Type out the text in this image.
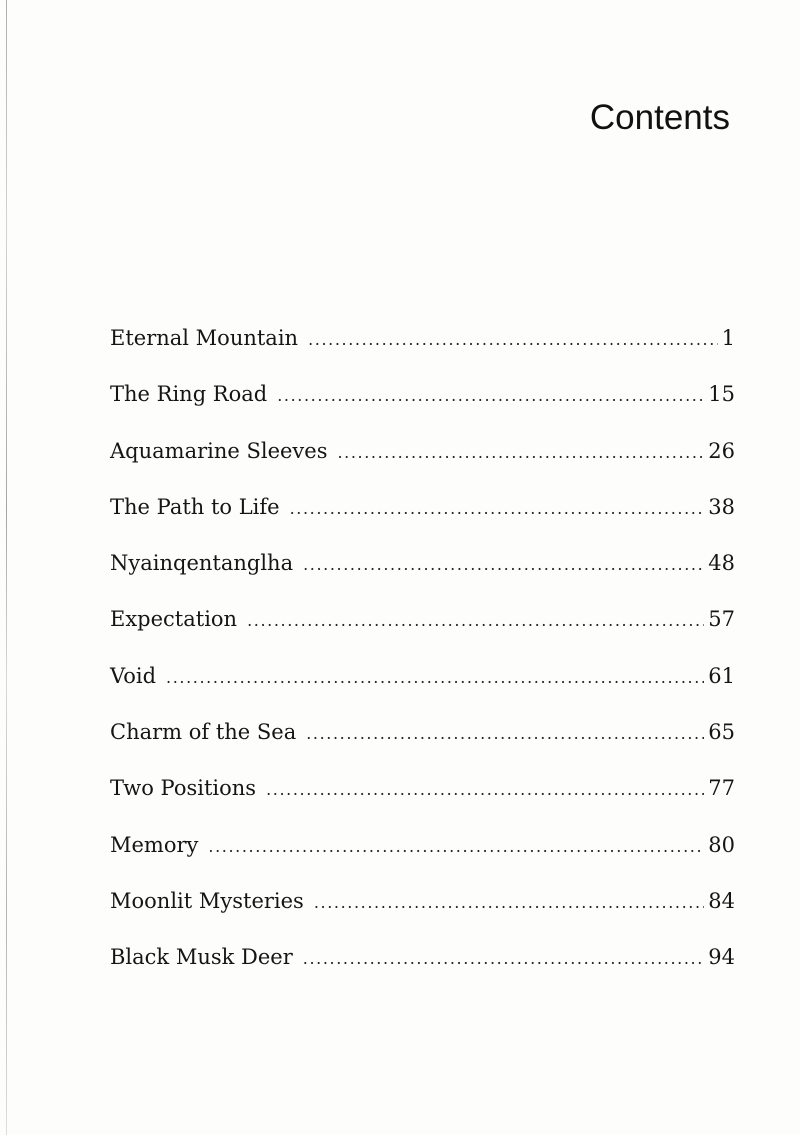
Contents
Eternal Mountain .....	1
The Ring Road .....	15
Aquamarine Sleeves .....	26
The Path to Life .....	38
Nyainqentanglha .....	48
Expectation .....	57
Void .....	61
Charm of the Sea .....	65
Two Positions .....	77
Memory .....	80
Moonlit Mysteries .....	84
Black Musk Deer .....	94
